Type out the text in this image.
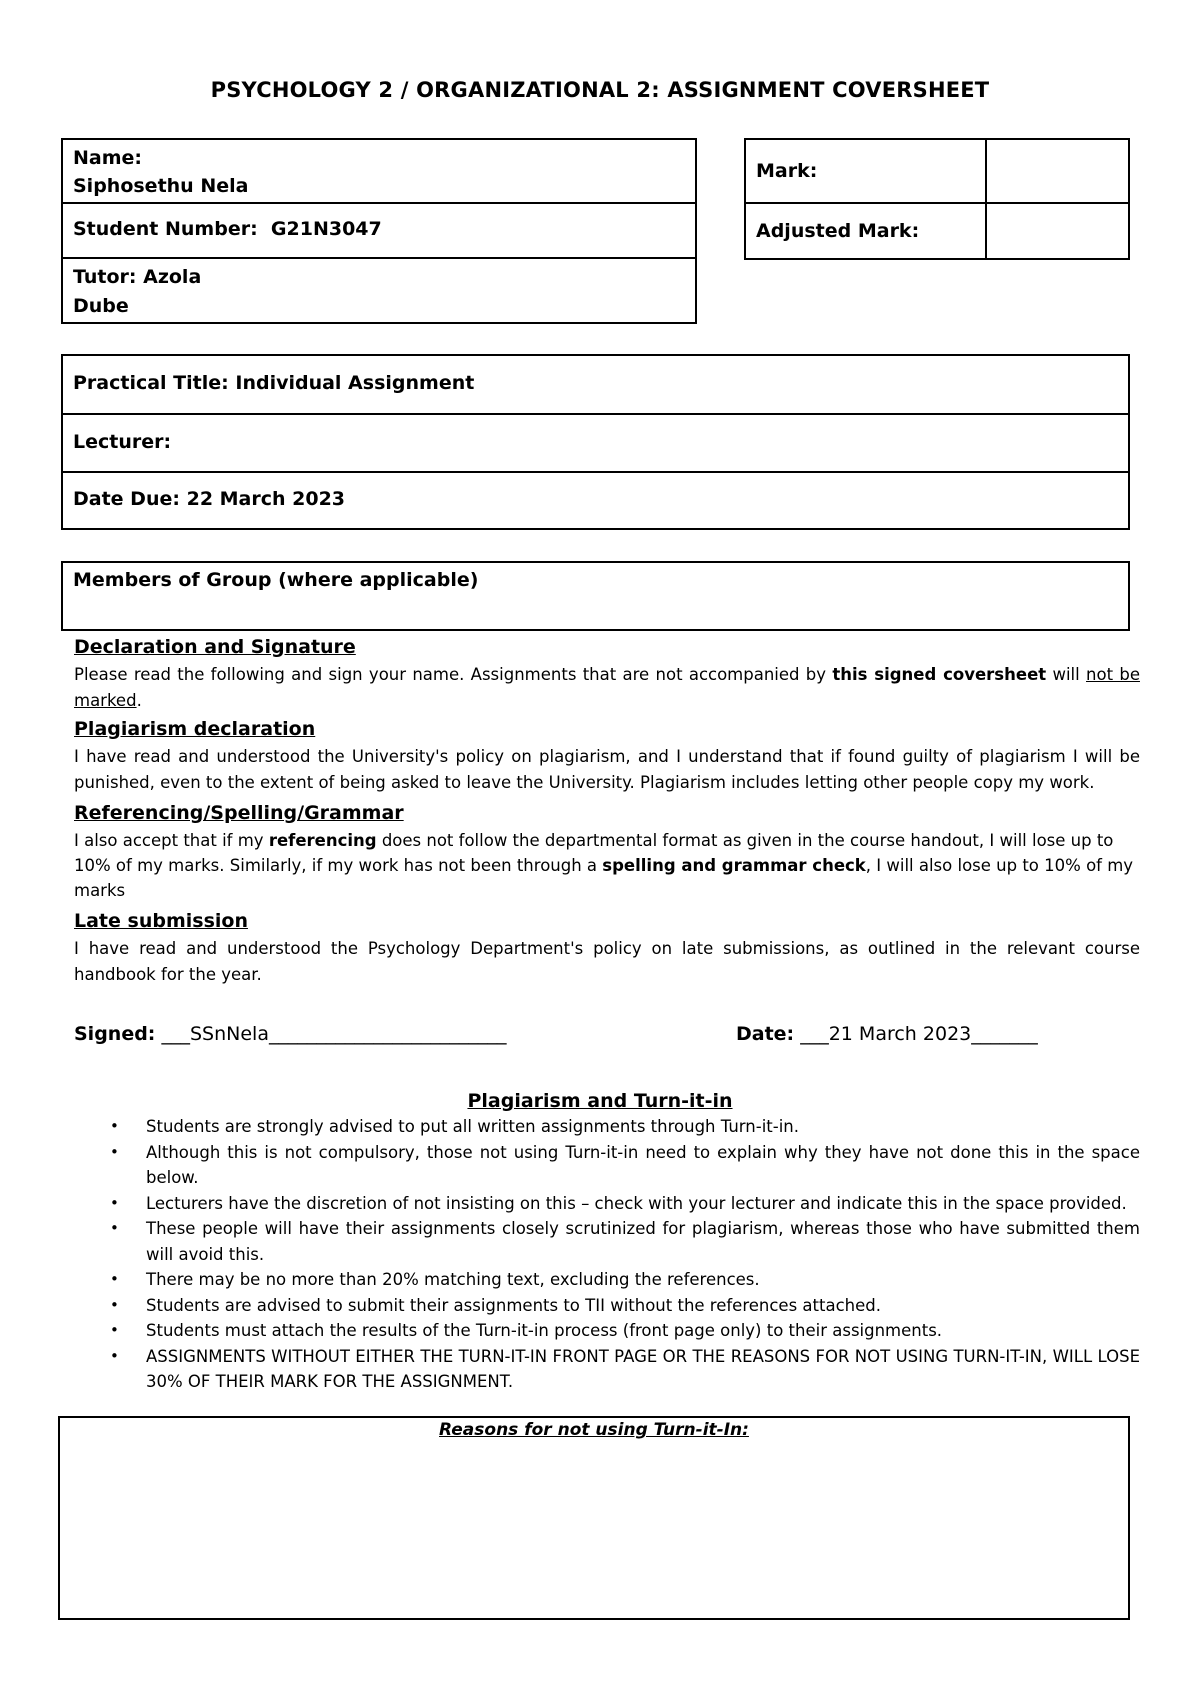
PSYCHOLOGY 2 / ORGANIZATIONAL 2: ASSIGNMENT COVERSHEET
Name:
Siphosethu Nela
Student Number: G21N3047
Tutor: Azola
Dube
Mark:
Adjusted Mark:
Practical Title: Individual Assignment
Lecturer:
Date Due: 22 March 2023
Members of Group (where applicable)
Declaration and Signature
Please read the following and sign your name. Assignments that are not accompanied by this signed coversheet will not be marked.
Plagiarism declaration
I have read and understood the University's policy on plagiarism, and I understand that if found guilty of plagiarism I will be punished, even to the extent of being asked to leave the University. Plagiarism includes letting other people copy my work.
Referencing/Spelling/Grammar
I also accept that if my referencing does not follow the departmental format as given in the course handout, I will lose up to 10% of my marks. Similarly, if my work has not been through a spelling and grammar check, I will also lose up to 10% of my marks
Late submission
I have read and understood the Psychology Department's policy on late submissions, as outlined in the relevant course handbook for the year.
Signed: ___SSnNela_________________________	Date: ___21 March 2023_______
Plagiarism and Turn-it-in
• Students are strongly advised to put all written assignments through Turn-it-in.
• Although this is not compulsory, those not using Turn-it-in need to explain why they have not done this in the space below.
• Lecturers have the discretion of not insisting on this – check with your lecturer and indicate this in the space provided.
• These people will have their assignments closely scrutinized for plagiarism, whereas those who have submitted them will avoid this.
• There may be no more than 20% matching text, excluding the references.
• Students are advised to submit their assignments to TII without the references attached.
• Students must attach the results of the Turn-it-in process (front page only) to their assignments.
• ASSIGNMENTS WITHOUT EITHER THE TURN-IT-IN FRONT PAGE OR THE REASONS FOR NOT USING TURN-IT-IN, WILL LOSE 30% OF THEIR MARK FOR THE ASSIGNMENT.
Reasons for not using Turn-it-In:
